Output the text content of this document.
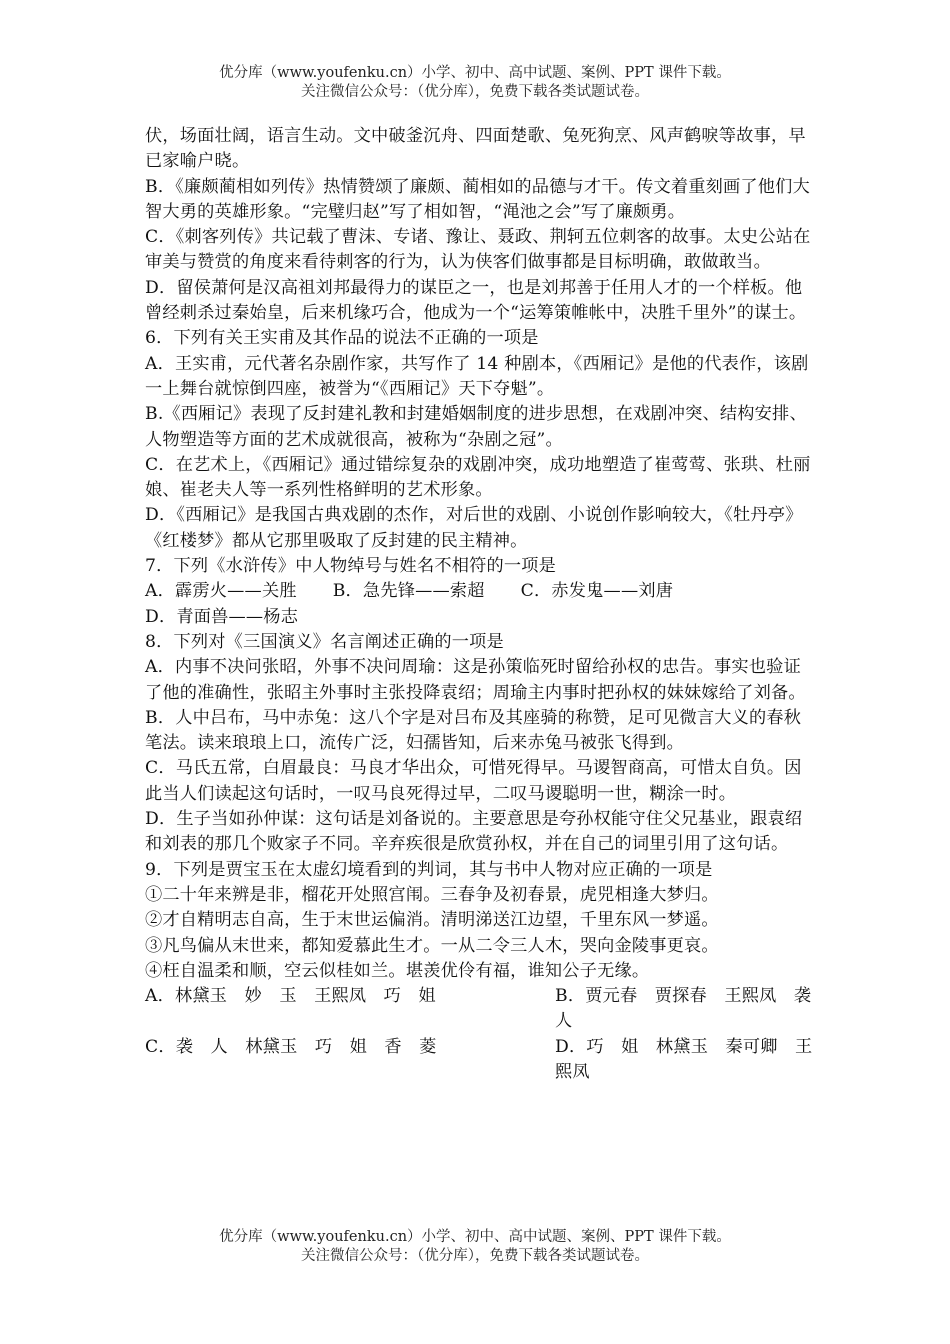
优分库（www.youfenku.cn）小学、初中、高中试题、案例、PPT 课件下载。
关注微信公众号：（优分库），免费下载各类试题试卷。

伏，场面壮阔，语言生动。文中破釜沉舟、四面楚歌、兔死狗烹、风声鹤唳等故事，早已家喻户晓。

B．《廉颇蔺相如列传》热情赞颂了廉颇、蔺相如的品德与才干。传文着重刻画了他们大智大勇的英雄形象。“完璧归赵”写了相如智，“渑池之会”写了廉颇勇。

C．《刺客列传》共记载了曹沫、专诸、豫让、聂政、荆轲五位刺客的故事。太史公站在审美与赞赏的角度来看待刺客的行为，认为侠客们做事都是目标明确，敢做敢当。

D．留侯萧何是汉高祖刘邦最得力的谋臣之一，也是刘邦善于任用人才的一个样板。他曾经刺杀过秦始皇，后来机缘巧合，他成为一个“运筹策帷帐中，决胜千里外”的谋士。

6．下列有关王实甫及其作品的说法不正确的一项是

A．王实甫，元代著名杂剧作家，共写作了 14 种剧本，《西厢记》是他的代表作，该剧一上舞台就惊倒四座，被誉为“《西厢记》天下夺魁”。

B.《西厢记》表现了反封建礼教和封建婚姻制度的进步思想，在戏剧冲突、结构安排、人物塑造等方面的艺术成就很高，被称为“杂剧之冠”。

C．在艺术上，《西厢记》通过错综复杂的戏剧冲突，成功地塑造了崔莺莺、张珙、杜丽娘、崔老夫人等一系列性格鲜明的艺术形象。

D．《西厢记》是我国古典戏剧的杰作，对后世的戏剧、小说创作影响较大，《牡丹亭》《红楼梦》都从它那里吸取了反封建的民主精神。

7．下列《水浒传》中人物绰号与姓名不相符的一项是

A．霹雳火——关胜 B．急先锋——索超 C．赤发鬼——刘唐
D．青面兽——杨志

8．下列对《三国演义》名言阐述正确的一项是

A．内事不决问张昭，外事不决问周瑜：这是孙策临死时留给孙权的忠告。事实也验证了他的准确性，张昭主外事时主张投降袁绍；周瑜主内事时把孙权的妹妹嫁给了刘备。

B．人中吕布，马中赤兔：这八个字是对吕布及其座骑的称赞，足可见微言大义的春秋笔法。读来琅琅上口，流传广泛，妇孺皆知，后来赤兔马被张飞得到。

C．马氏五常，白眉最良：马良才华出众，可惜死得早。马谡智商高，可惜太自负。因此当人们读起这句话时，一叹马良死得过早，二叹马谡聪明一世，糊涂一时。

D．生子当如孙仲谋：这句话是刘备说的。主要意思是夸孙权能守住父兄基业，跟袁绍和刘表的那几个败家子不同。辛弃疾很是欣赏孙权，并在自己的词里引用了这句话。

9．下列是贾宝玉在太虚幻境看到的判词，其与书中人物对应正确的一项是

①二十年来辨是非，榴花开处照宫闱。三春争及初春景，虎兕相逢大梦归。

②才自精明志自高，生于末世运偏消。清明涕送江边望，千里东风一梦遥。

③凡鸟偏从末世来，都知爱慕此生才。一从二令三人木，哭向金陵事更哀。

④枉自温柔和顺，空云似桂如兰。堪羡优伶有福，谁知公子无缘。

A．林黛玉　妙　玉　王熙凤　巧　姐	B．贾元春　贾探春　王熙凤　袭　人
C．袭　人　林黛玉　巧　姐　香　菱	D．巧　姐　林黛玉　秦可卿　王熙凤
优分库（www.youfenku.cn）小学、初中、高中试题、案例、PPT 课件下载。
关注微信公众号：（优分库），免费下载各类试题试卷。
